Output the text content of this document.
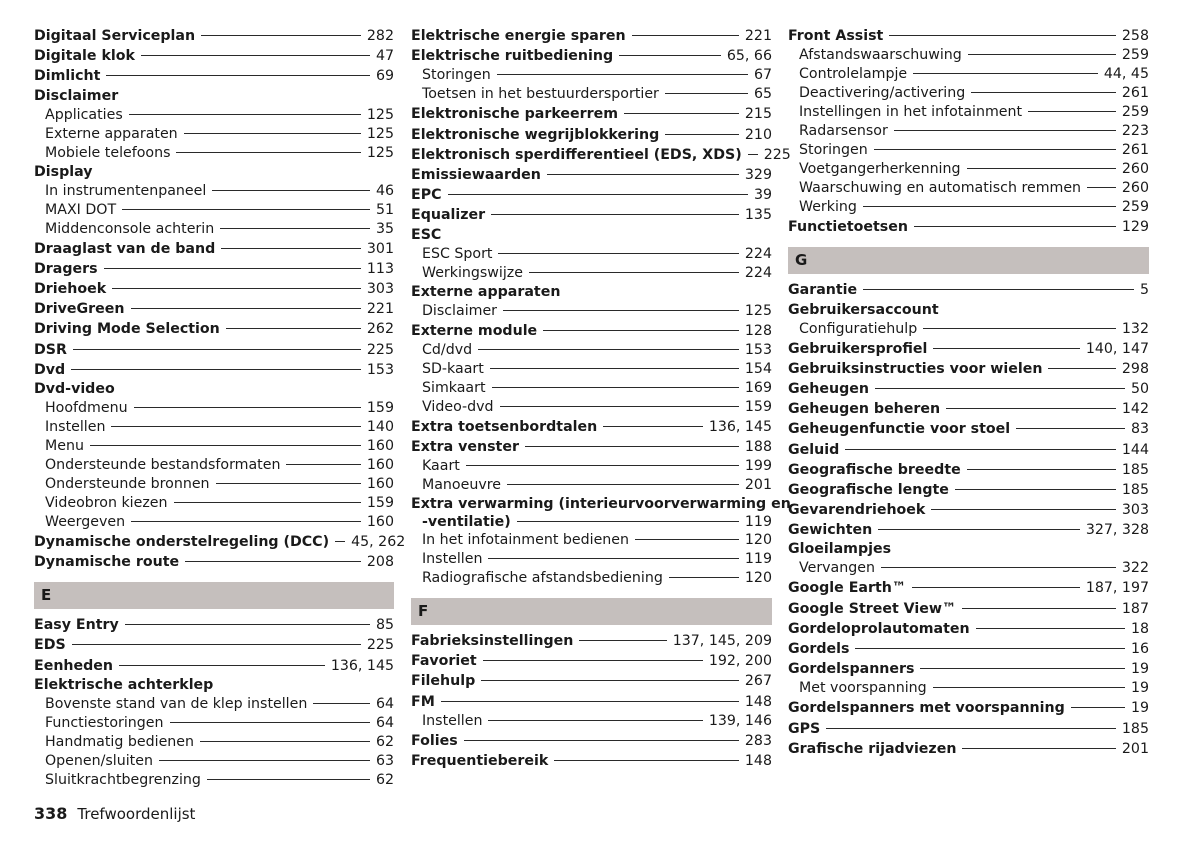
Digitaal Serviceplan	282
Digitale klok	47
Dimlicht	69
Disclaimer
Applicaties	125
Externe apparaten	125
Mobiele telefoons	125
Display
In instrumentenpaneel	46
MAXI DOT	51
Middenconsole achterin	35
Draaglast van de band	301
Dragers	113
Driehoek	303
DriveGreen	221
Driving Mode Selection	262
DSR	225
Dvd	153
Dvd-video
Hoofdmenu	159
Instellen	140
Menu	160
Ondersteunde bestandsformaten	160
Ondersteunde bronnen	160
Videobron kiezen	159
Weergeven	160
Dynamische onderstelregeling (DCC) 45, 262
Dynamische route	208
E
Easy Entry	85
EDS	225
Eenheden	136, 145
Elektrische achterklep
Bovenste stand van de klep instellen	64
Functiestoringen	64
Handmatig bedienen	62
Openen/sluiten	63
Sluitkrachtbegrenzing	62
Elektrische energie sparen	221
Elektrische ruitbediening	65, 66
Storingen	67
Toetsen in het bestuurdersportier	65
Elektronische parkeerrem	215
Elektronische wegrijblokkering	210
Elektronisch sperdifferentieel (EDS, XDS) 225
Emissiewaarden	329
EPC	39
Equalizer	135
ESC
ESC Sport	224
Werkingswijze	224
Externe apparaten
Disclaimer	125
Externe module	128
Cd/dvd	153
SD-kaart	154
Simkaart	169
Video-dvd	159
Extra toetsenbordtalen	136, 145
Extra venster	188
Kaart	199
Manoeuvre	201
Extra verwarming (interieurvoorverwarming en
-ventilatie)	119
In het infotainment bedienen	120
Instellen	119
Radiografische afstandsbediening	120
F
Fabrieksinstellingen	137, 145, 209
Favoriet	192, 200
Filehulp	267
FM	148
Instellen	139, 146
Folies	283
Frequentiebereik	148
Front Assist	258
Afstandswaarschuwing	259
Controlelampje	44, 45
Deactivering/activering	261
Instellingen in het infotainment	259
Radarsensor	223
Storingen	261
Voetgangerherkenning	260
Waarschuwing en automatisch remmen	260
Werking	259
Functietoetsen	129
G
Garantie	5
Gebruikersaccount
Configuratiehulp	132
Gebruikersprofiel	140, 147
Gebruiksinstructies voor wielen	298
Geheugen	50
Geheugen beheren	142
Geheugenfunctie voor stoel	83
Geluid	144
Geografische breedte	185
Geografische lengte	185
Gevarendriehoek	303
Gewichten	327, 328
Gloeilampjes
Vervangen	322
Google Earth™	187, 197
Google Street View™	187
Gordeloprolautomaten	18
Gordels	16
Gordelspanners	19
Met voorspanning	19
Gordelspanners met voorspanning	19
GPS	185
Grafische rijadviezen	201
338 Trefwoordenlijst
